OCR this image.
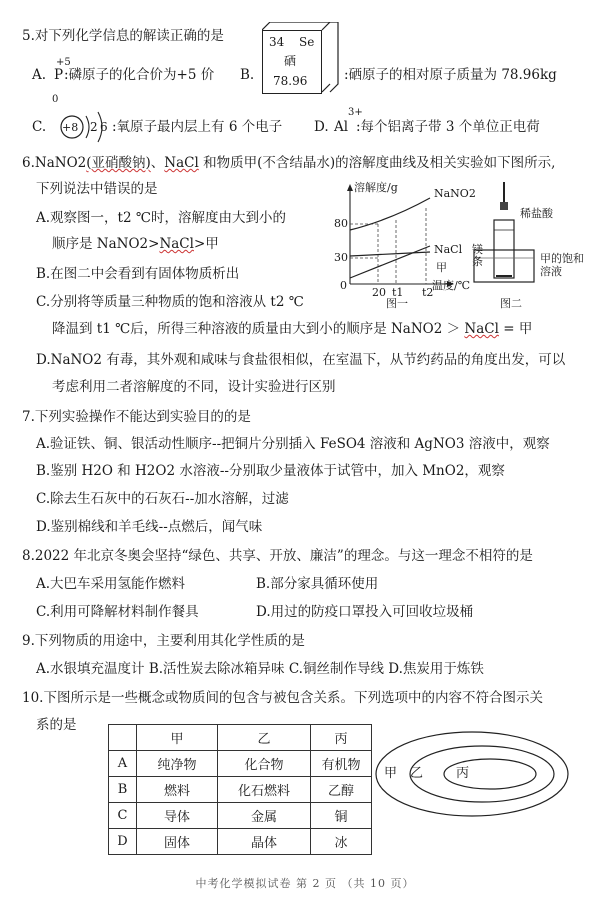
5.对下列化学信息的解读正确的是
A.
+5
P :磷原子的化合价为+5 价 B.
34 Se
硒
78.96	:硒原子的相对原子质量为 78.96kg
C.
0
+8 2 6 :氧原子最内层上有 6 个电子 D. Al
3+
:每个铝离子带 3 个单位正电荷
6.NaNO2(亚硝酸钠)、NaCl 和物质甲(不含结晶水)的溶解度曲线及相关实验如下图所示,
下列说法中错误的是
A.观察图一，t2 ℃时，溶解度由大到小的
顺序是 NaNO2>NaCl>甲
B.在图二中会看到有固体物质析出
C.分别将等质量三种物质的饱和溶液从 t2 ℃
降温到 t1 ℃后，所得三种溶液的质量由大到小的顺序是 NaNO2 ＞ NaCl = 甲
D.NaNO2 有毒，其外观和咸味与食盐很相似，在室温下，从节约药品的角度出发，可以
考虑利用二者溶解度的不同，设计实验进行区别
溶解度/g
80
30
0
20 t1 t2
温度/℃
NaNO2
NaCl
甲
图一
稀盐酸
镁条	甲的饱和溶液
图二
7.下列实验操作不能达到实验目的的是
A.验证铁、铜、银活动性顺序--把铜片分别插入 FeSO4 溶液和 AgNO3 溶液中，观察
B.鉴别 H2O 和 H2O2 水溶液--分别取少量液体于试管中，加入 MnO2，观察
C.除去生石灰中的石灰石--加水溶解，过滤
D.鉴别棉线和羊毛线--点燃后，闻气味
8.2022 年北京冬奥会坚持“绿色、共享、开放、廉洁”的理念。与这一理念不相符的是
A.大巴车采用氢能作燃料	B.部分家具循环使用
C.利用可降解材料制作餐具	D.用过的防疫口罩投入可回收垃圾桶
9.下列物质的用途中，主要利用其化学性质的是
A.水银填充温度计 B.活性炭去除冰箱异味 C.铜丝制作导线 D.焦炭用于炼铁
10.下图所示是一些概念或物质间的包含与被包含关系。下列选项中的内容不符合图示关
系的是
	甲	乙	丙
A	纯净物	化合物	有机物
B	燃料	化石燃料	乙醇
C	导体	金属	铜
D	固体	晶体	冰
甲 乙	丙
中考化学模拟试卷 第 2 页 （共 10 页）
